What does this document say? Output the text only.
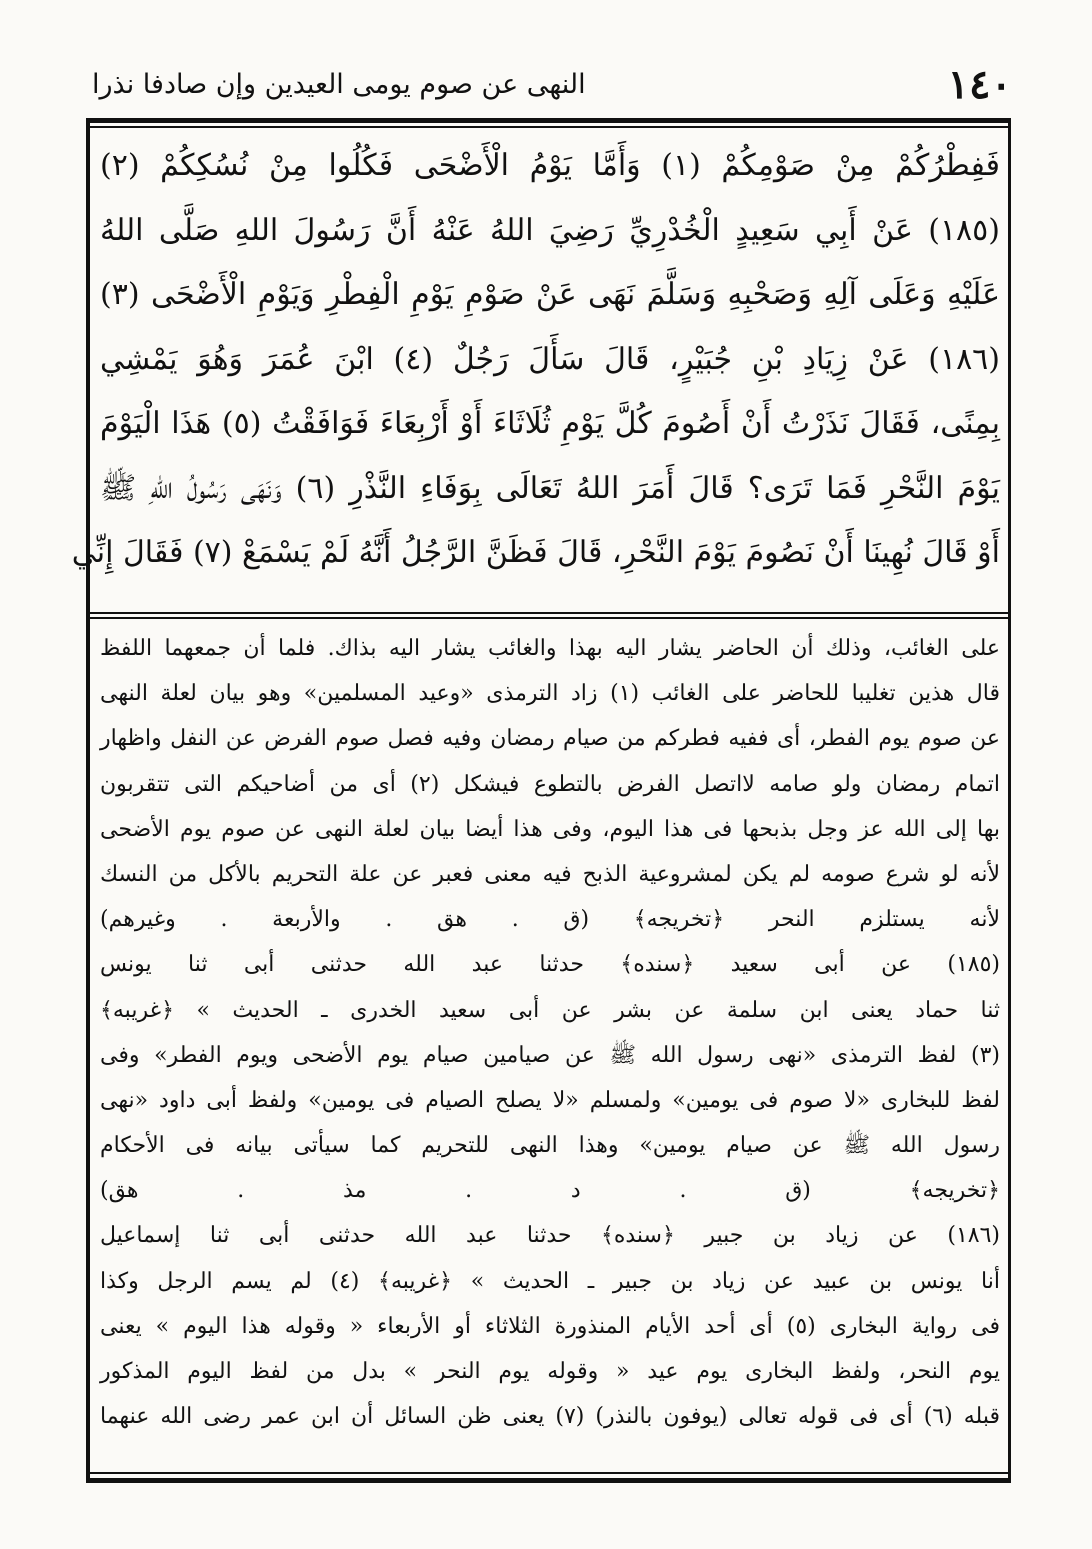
١٤٠
النهى عن صوم يومى العيدين وإن صادفا نذرا
فَفِطْرُكُمْ مِنْ صَوْمِكُمْ (١) وَأَمَّا يَوْمُ الْأَضْحَى فَكُلُوا مِنْ نُسُكِكُمْ (٢)
(١٨٥) عَنْ أَبِي سَعِيدٍ الْخُدْرِيِّ رَضِيَ اللهُ عَنْهُ أَنَّ رَسُولَ اللهِ صَلَّى اللهُ
عَلَيْهِ وَعَلَى آلِهِ وَصَحْبِهِ وَسَلَّمَ نَهَى عَنْ صَوْمِ يَوْمِ الْفِطْرِ وَيَوْمِ الْأَضْحَى (٣)
(١٨٦) عَنْ زِيَادِ بْنِ جُبَيْرٍ، قَالَ سَأَلَ رَجُلٌ (٤) ابْنَ عُمَرَ وَهُوَ يَمْشِي
بِمِنًى، فَقَالَ نَذَرْتُ أَنْ أَصُومَ كُلَّ يَوْمِ ثُلَاثَاءَ أَوْ أَرْبِعَاءَ فَوَافَقْتُ (٥) هَذَا الْيَوْمَ
يَوْمَ النَّحْرِ فَمَا تَرَى؟ قَالَ أَمَرَ اللهُ تَعَالَى بِوَفَاءِ النَّذْرِ (٦) وَنَهَى رَسُولُ اللهِ ﷺ
أَوْ قَالَ نُهِينَا أَنْ نَصُومَ يَوْمَ النَّحْرِ، قَالَ فَظَنَّ الرَّجُلُ أَنَّهُ لَمْ يَسْمَعْ (٧) فَقَالَ إِنِّي
على الغائب، وذلك أن الحاضر يشار اليه بهذا والغائب يشار اليه بذاك. فلما أن جمعهما اللفظ
قال هذين تغليبا للحاضر على الغائب (١) زاد الترمذى «وعيد المسلمين» وهو بيان لعلة النهى
عن صوم يوم الفطر، أى ففيه فطركم من صيام رمضان وفيه فصل صوم الفرض عن النفل واظهار
اتمام رمضان ولو صامه لااتصل الفرض بالتطوع فيشكل (٢) أى من أضاحيكم التى تتقربون
بها إلى الله عز وجل بذبحها فى هذا اليوم، وفى هذا أيضا بيان لعلة النهى عن صوم يوم الأضحى
لأنه لو شرع صومه لم يكن لمشروعية الذبح فيه معنى فعبر عن علة التحريم بالأكل من النسك
لأنه يستلزم النحر ﴿تخريجه﴾ (ق . هق . والأربعة . وغيرهم)
(١٨٥) عن أبى سعيد ﴿سنده﴾ حدثنا عبد الله حدثنى أبى ثنا يونس
ثنا حماد يعنى ابن سلمة عن بشر عن أبى سعيد الخدرى ـ الحديث » ﴿غريبه﴾
(٣) لفظ الترمذى «نهى رسول الله ﷺ عن صيامين صيام يوم الأضحى ويوم الفطر» وفى
لفظ للبخارى «لا صوم فى يومين» ولمسلم «لا يصلح الصيام فى يومين» ولفظ أبى داود «نهى
رسول الله ﷺ عن صيام يومين» وهذا النهى للتحريم كما سيأتى بيانه فى الأحكام
﴿تخريجه﴾ (ق . د . مذ . هق)
(١٨٦) عن زياد بن جبير ﴿سنده﴾ حدثنا عبد الله حدثنى أبى ثنا إسماعيل
أنا يونس بن عبيد عن زياد بن جبير ـ الحديث » ﴿غريبه﴾ (٤) لم يسم الرجل وكذا
فى رواية البخارى (٥) أى أحد الأيام المنذورة الثلاثاء أو الأربعاء « وقوله هذا اليوم » يعنى
يوم النحر، ولفظ البخارى يوم عيد « وقوله يوم النحر » بدل من لفظ اليوم المذكور
قبله (٦) أى فى قوله تعالى (يوفون بالنذر) (٧) يعنى ظن السائل أن ابن عمر رضى الله عنهما
